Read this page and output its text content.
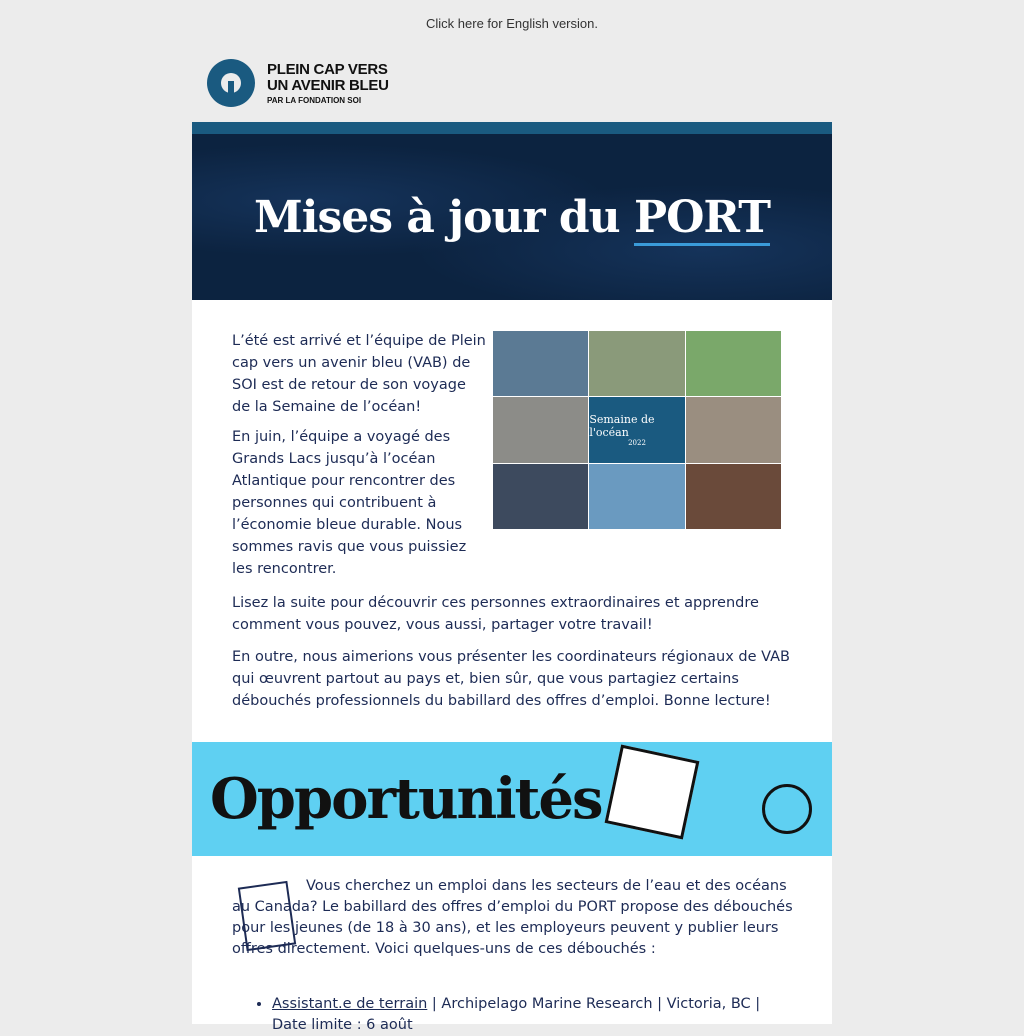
Click here for English version.
PLEIN CAP VERS
UN AVENIR BLEU
PAR LA FONDATION SOI
Mises à jour du PORT

L’été est arrivé et l’équipe de Plein cap vers un avenir bleu (VAB) de SOI est de retour de son voyage de la Semaine de l’océan!

En juin, l’équipe a voyagé des Grands Lacs jusqu’à l’océan Atlantique pour rencontrer des personnes qui contribuent à l’économie bleue durable. Nous sommes ravis que vous puissiez les rencontrer.

Semaine de l'océan
2022

Lisez la suite pour découvrir ces personnes extraordinaires et apprendre comment vous pouvez, vous aussi, partager votre travail!

En outre, nous aimerions vous présenter les coordinateurs régionaux de VAB qui œuvrent partout au pays et, bien sûr, que vous partagiez certains débouchés professionnels du babillard des offres d’emploi. Bonne lecture!

Opportunités

Vous cherchez un emploi dans les secteurs de l’eau et des océans au Canada? Le babillard des offres d’emploi du PORT propose des débouchés pour les jeunes (de 18 à 30 ans), et les employeurs peuvent y publier leurs offres directement. Voici quelques-uns de ces débouchés :

• Assistant.e de terrain | Archipelago Marine Research | Victoria, BC | Date limite : 6 août
